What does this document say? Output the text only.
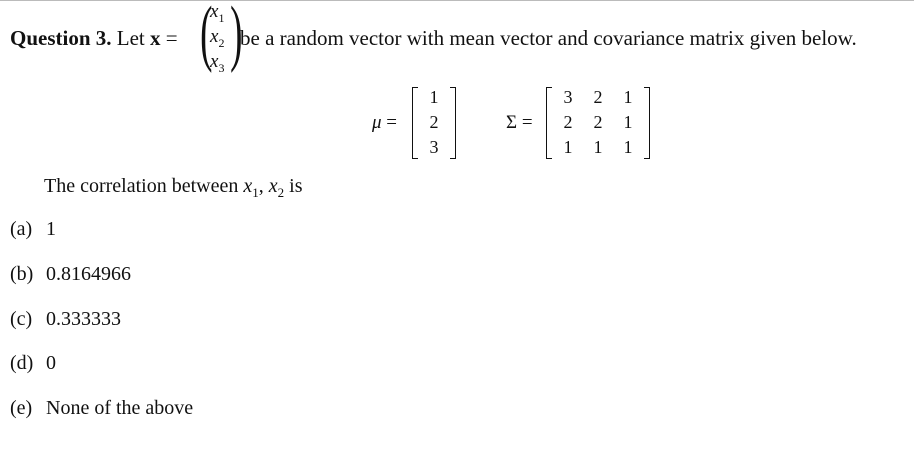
Question 3. Let x = ( )
$x_1$
$x_2$
$x_3$
be a random vector with mean vector and covariance matrix given below.
μ =
1
2
3
Σ =
3	2	1
2	2	1
1	1	1
The correlation between $x_1$, $x_2$ is
(a) 1
(b) 0.8164966
(c) 0.333333
(d) 0
(e) None of the above
